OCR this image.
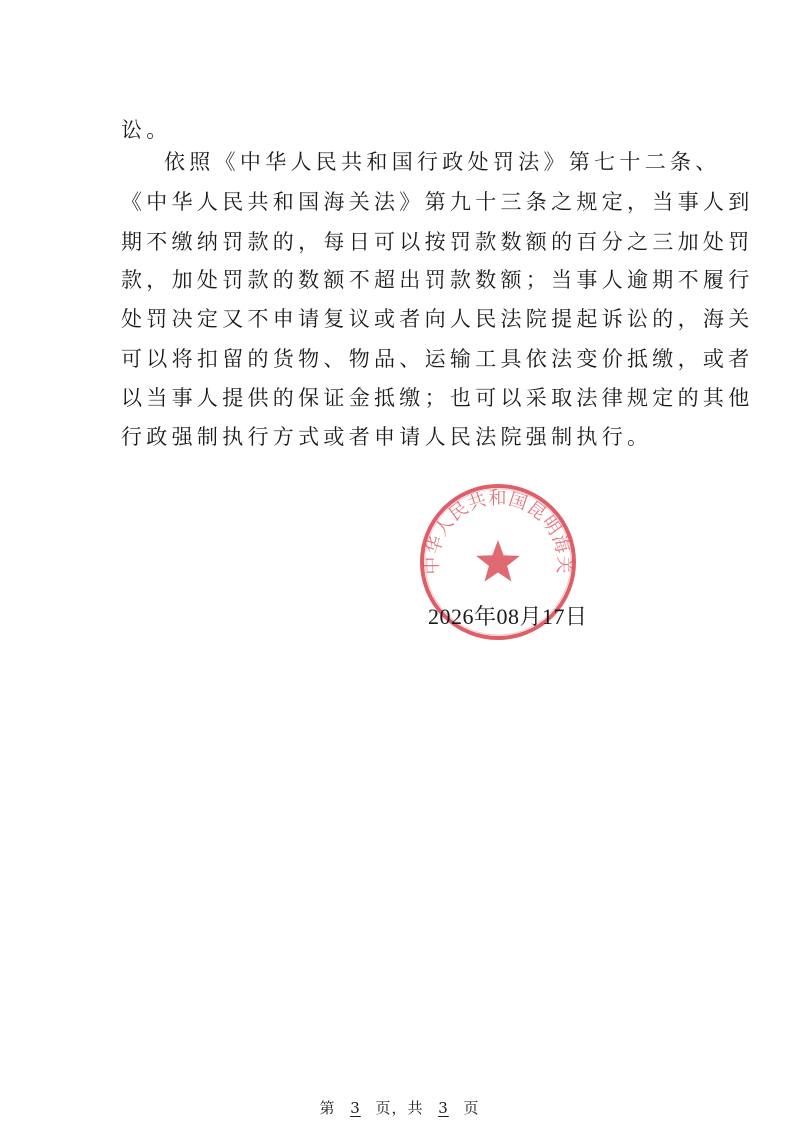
讼。
依照《中华人民共和国行政处罚法》第七十二条、
《中华人民共和国海关法》第九十三条之规定，当事人到
期不缴纳罚款的，每日可以按罚款数额的百分之三加处罚
款，加处罚款的数额不超出罚款数额；当事人逾期不履行
处罚决定又不申请复议或者向人民法院提起诉讼的，海关
可以将扣留的货物、物品、运输工具依法变价抵缴，或者
以当事人提供的保证金抵缴；也可以采取法律规定的其他
行政强制执行方式或者申请人民法院强制执行。
中华人民共和国昆明海关
2026年08月17日
第 3 页，共 3 页
